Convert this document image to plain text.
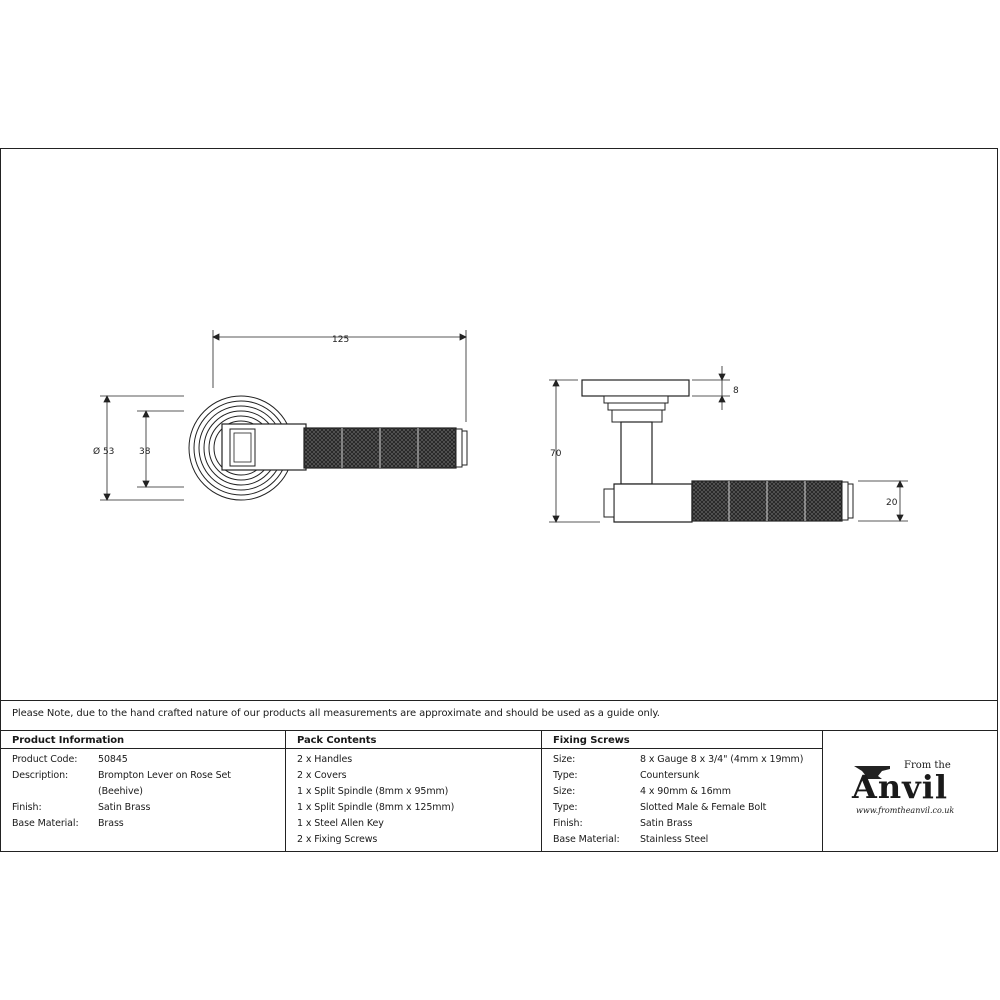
125
Ø 53	38
8
70
20
Please Note, due to the hand crafted nature of our products all measurements are approximate and should be used as a guide only.
Product Information
Product Code: 50845
Description:	Brompton Lever on Rose Set
(Beehive)
Finish:	Satin Brass
Base Material: Brass
Pack Contents
2 x Handles
2 x Covers
1 x Split Spindle (8mm x 95mm)
1 x Split Spindle (8mm x 125mm)
1 x Steel Allen Key
2 x Fixing Screws
Fixing Screws
Size:	8 x Gauge 8 x 3/4" (4mm x 19mm)
Type:	Countersunk
Size:	4 x 90mm & 16mm
Type:	Slotted Male & Female Bolt
Finish:	Satin Brass
Base Material: Stainless Steel
From the
Anvil
www.fromtheanvil.co.uk
